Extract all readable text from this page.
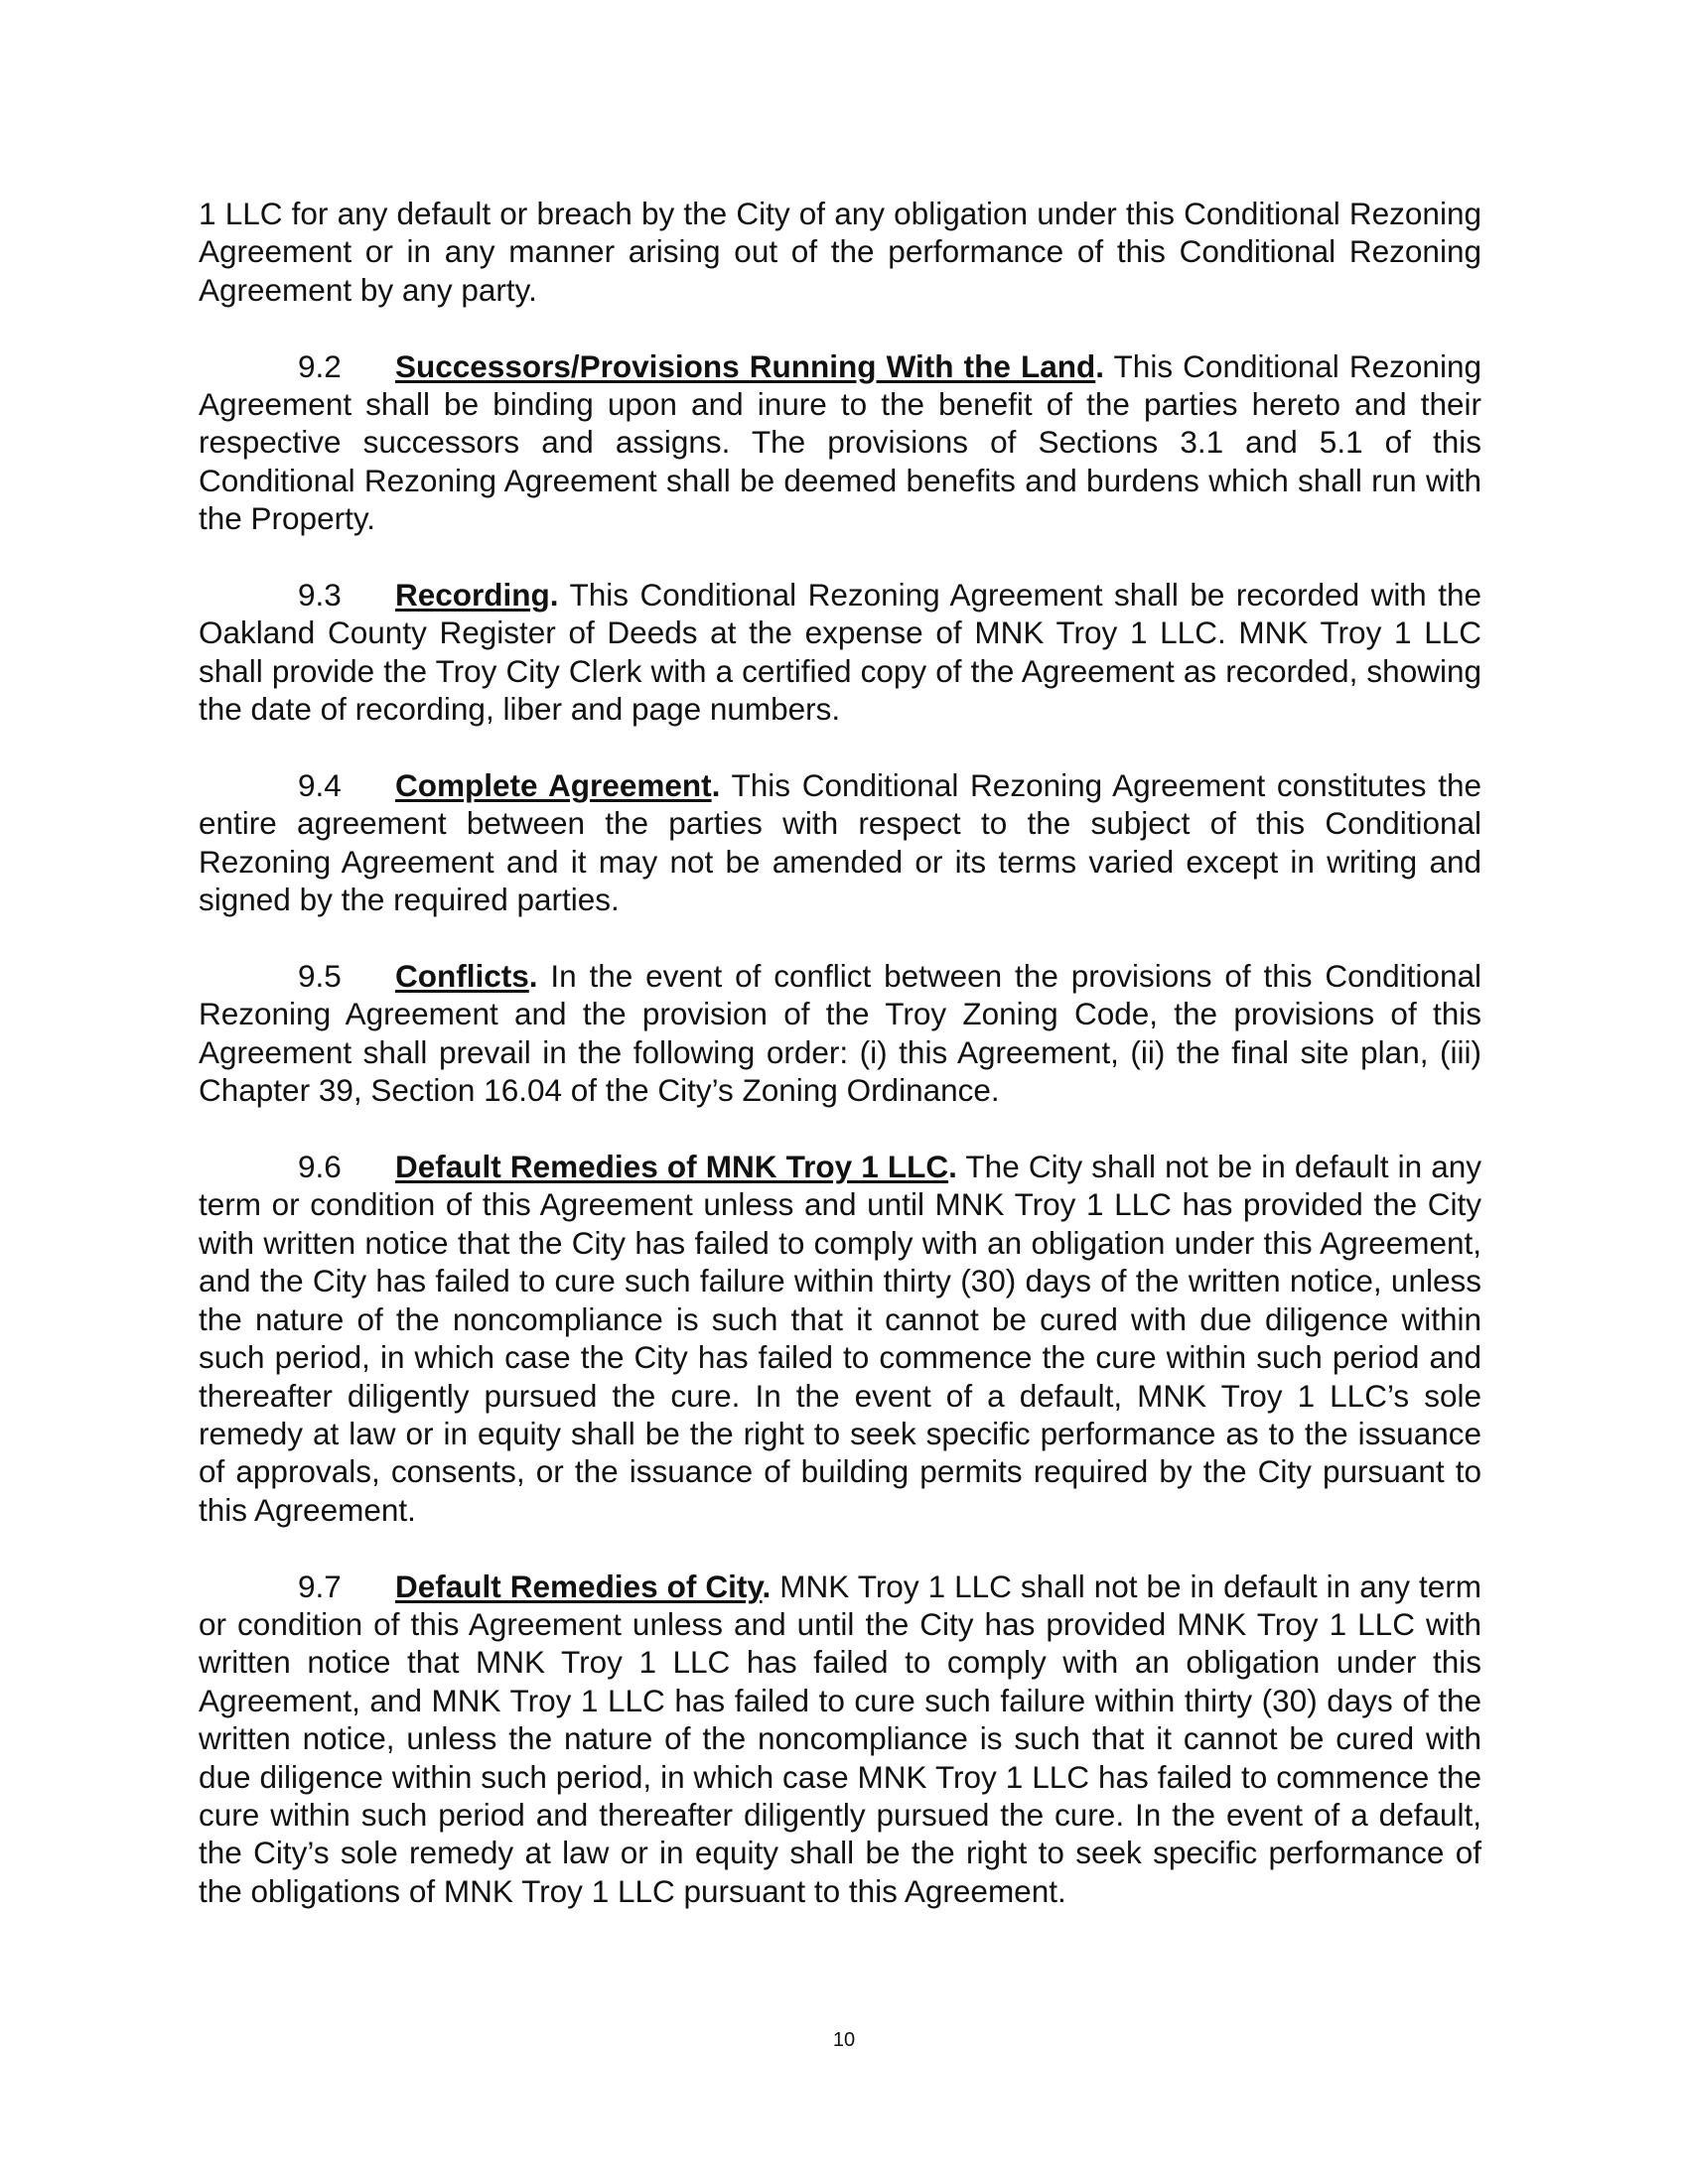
1 LLC for any default or breach by the City of any obligation under this Conditional Rezoning Agreement or in any manner arising out of the performance of this Conditional Rezoning Agreement by any party.

9.2 Successors/Provisions Running With the Land. This Conditional Rezoning Agreement shall be binding upon and inure to the benefit of the parties hereto and their respective successors and assigns. The provisions of Sections 3.1 and 5.1 of this Conditional Rezoning Agreement shall be deemed benefits and burdens which shall run with the Property.

9.3 Recording. This Conditional Rezoning Agreement shall be recorded with the Oakland County Register of Deeds at the expense of MNK Troy 1 LLC. MNK Troy 1 LLC shall provide the Troy City Clerk with a certified copy of the Agreement as recorded, showing the date of recording, liber and page numbers.

9.4 Complete Agreement. This Conditional Rezoning Agreement constitutes the entire agreement between the parties with respect to the subject of this Conditional Rezoning Agreement and it may not be amended or its terms varied except in writing and signed by the required parties.

9.5 Conflicts. In the event of conflict between the provisions of this Conditional Rezoning Agreement and the provision of the Troy Zoning Code, the provisions of this Agreement shall prevail in the following order: (i) this Agreement, (ii) the final site plan, (iii) Chapter 39, Section 16.04 of the City’s Zoning Ordinance.

9.6 Default Remedies of MNK Troy 1 LLC. The City shall not be in default in any term or condition of this Agreement unless and until MNK Troy 1 LLC has provided the City with written notice that the City has failed to comply with an obligation under this Agreement, and the City has failed to cure such failure within thirty (30) days of the written notice, unless the nature of the noncompliance is such that it cannot be cured with due diligence within such period, in which case the City has failed to commence the cure within such period and thereafter diligently pursued the cure. In the event of a default, MNK Troy 1 LLC’s sole remedy at law or in equity shall be the right to seek specific performance as to the issuance of approvals, consents, or the issuance of building permits required by the City pursuant to this Agreement.

9.7 Default Remedies of City. MNK Troy 1 LLC shall not be in default in any term or condition of this Agreement unless and until the City has provided MNK Troy 1 LLC with written notice that MNK Troy 1 LLC has failed to comply with an obligation under this Agreement, and MNK Troy 1 LLC has failed to cure such failure within thirty (30) days of the written notice, unless the nature of the noncompliance is such that it cannot be cured with due diligence within such period, in which case MNK Troy 1 LLC has failed to commence the cure within such period and thereafter diligently pursued the cure. In the event of a default, the City’s sole remedy at law or in equity shall be the right to seek specific performance of the obligations of MNK Troy 1 LLC pursuant to this Agreement.

10
